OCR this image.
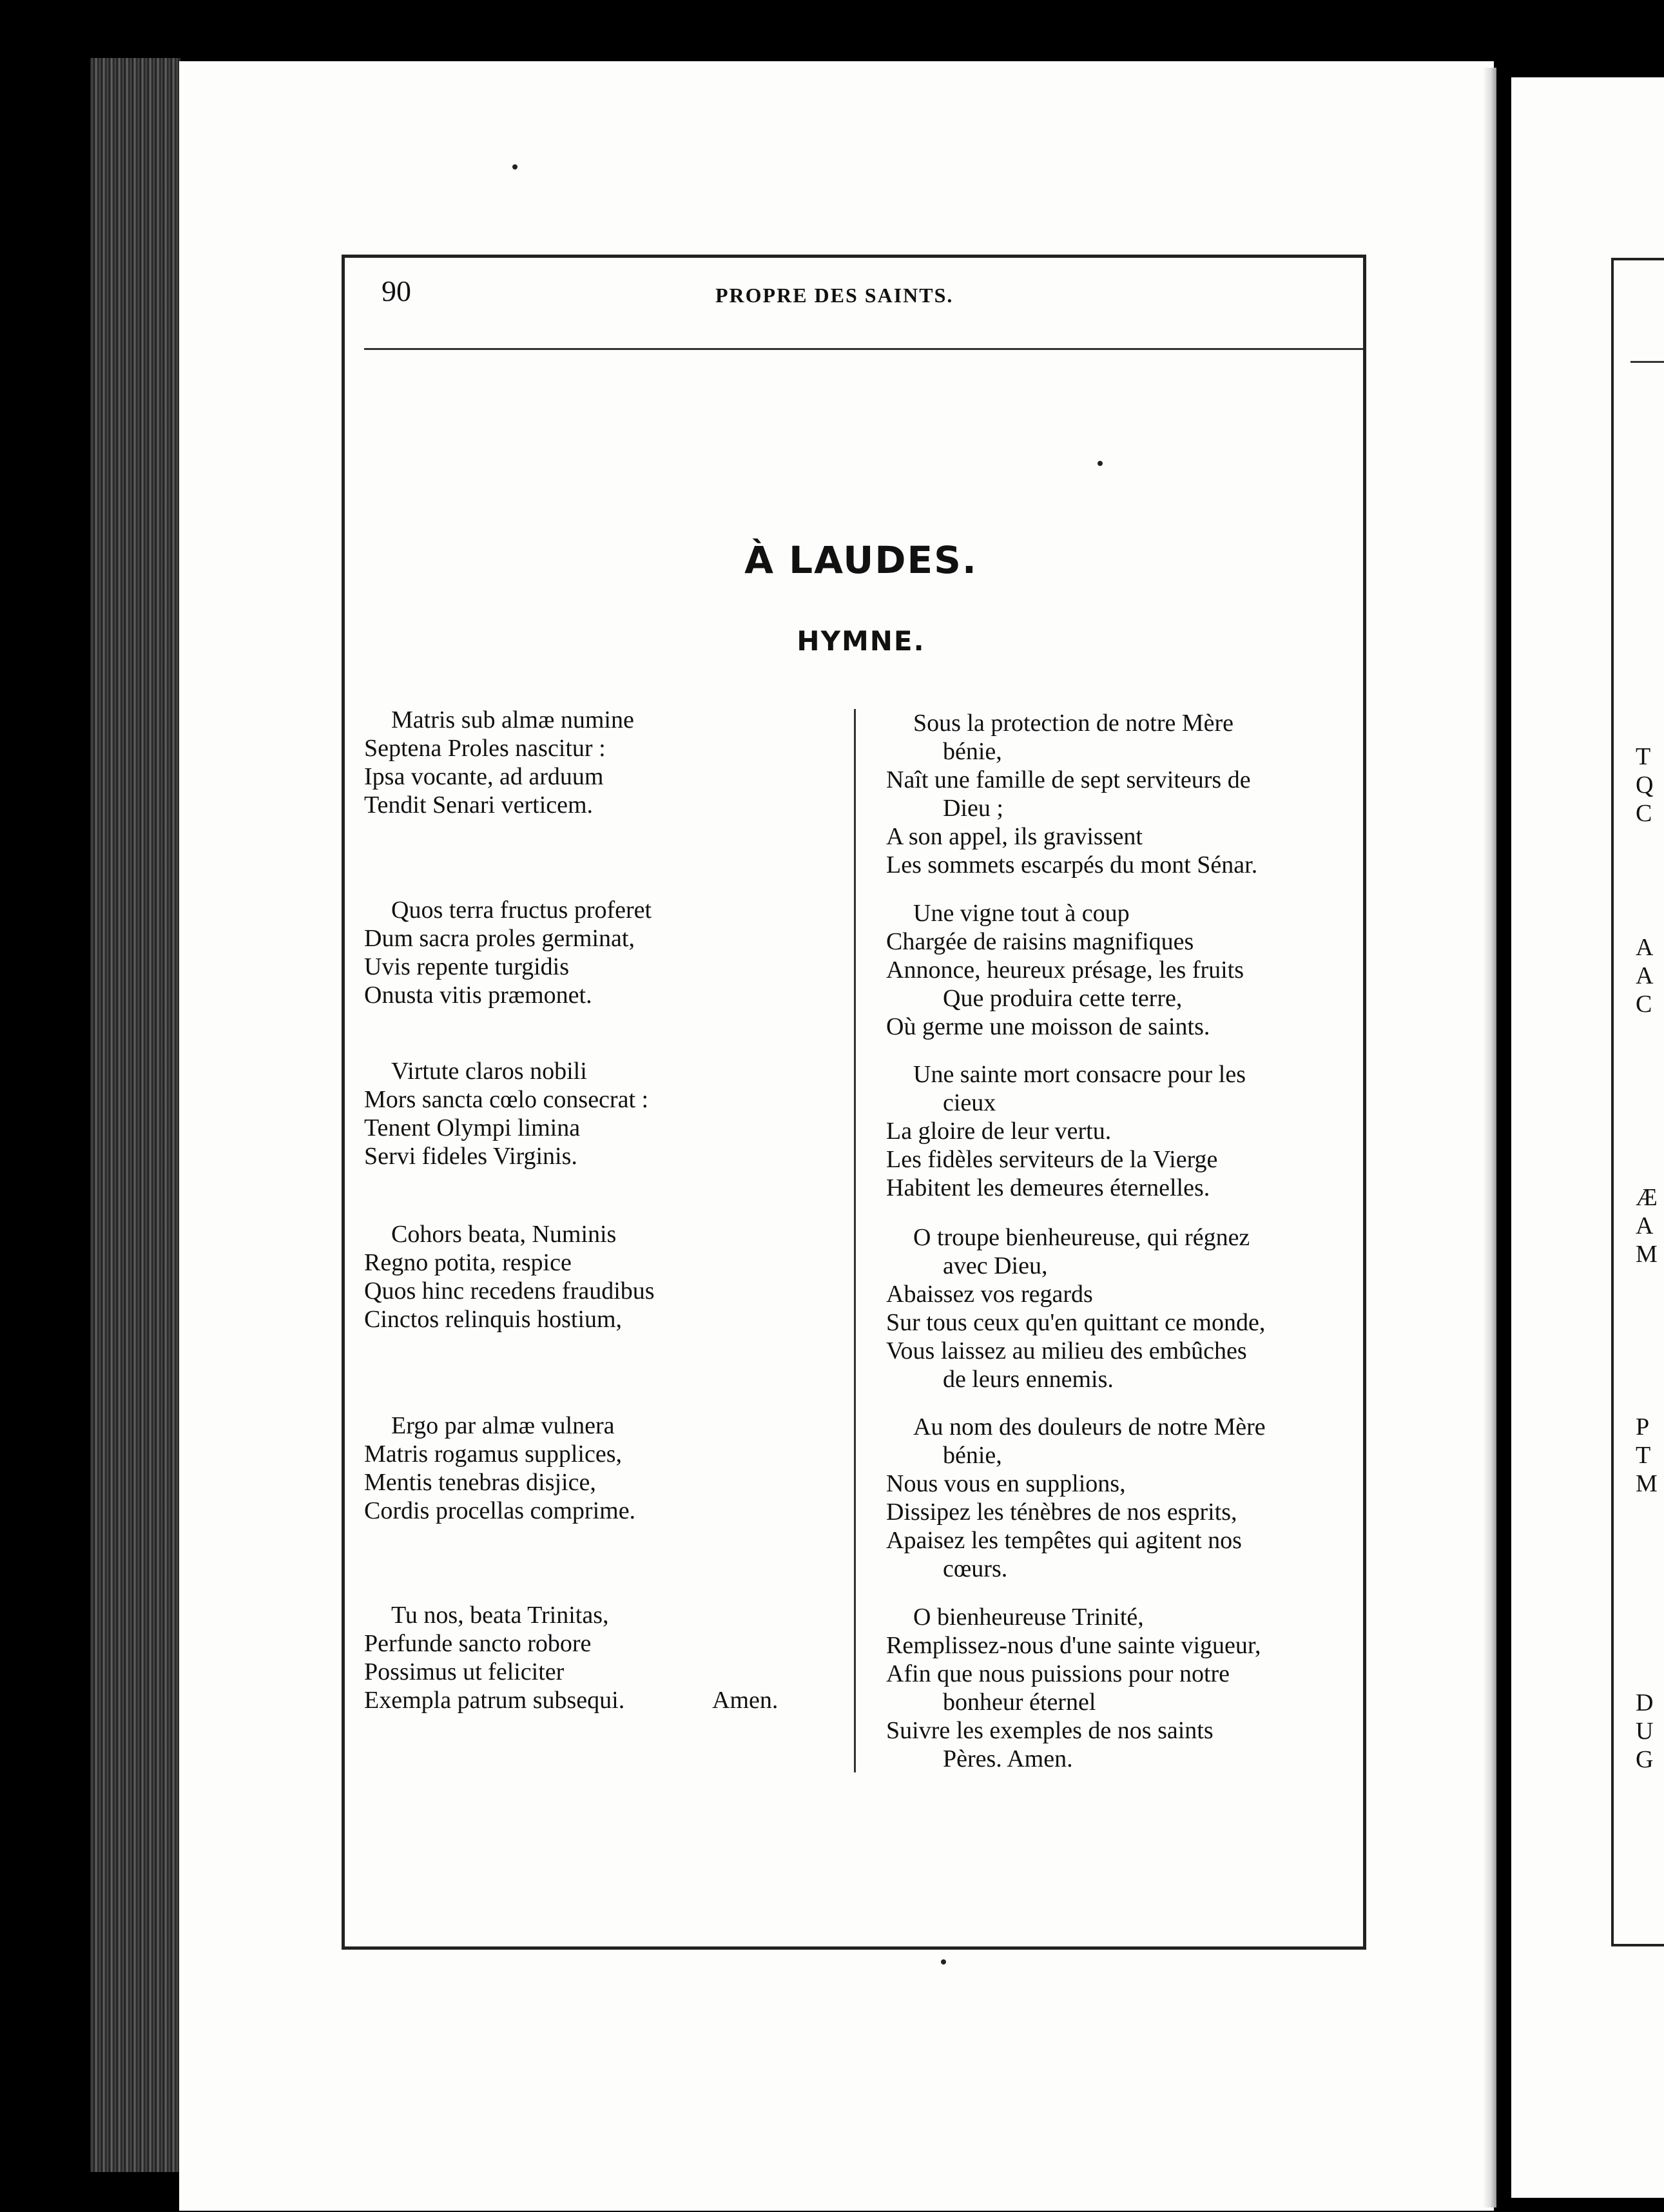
90	PROPRE DES SAINTS.
À LAUDES.
HYMNE.
Matris sub almæ numine
Septena Proles nascitur :
Ipsa vocante, ad arduum
Tendit Senari verticem.
Quos terra fructus proferet
Dum sacra proles germinat,
Uvis repente turgidis
Onusta vitis præmonet.
Virtute claros nobili
Mors sancta cœlo consecrat :
Tenent Olympi limina
Servi fideles Virginis.
Cohors beata, Numinis
Regno potita, respice
Quos hinc recedens fraudibus
Cinctos relinquis hostium,
Ergo par almæ vulnera
Matris rogamus supplices,
Mentis tenebras disjice,
Cordis procellas comprime.
Tu nos, beata Trinitas,
Perfunde sancto robore
Possimus ut feliciter
Exempla patrum subsequi.	Amen.
Sous la protection de notre Mère
bénie,
Naît une famille de sept serviteurs de
Dieu ;
A son appel, ils gravissent
Les sommets escarpés du mont Sénar.
Une vigne tout à coup
Chargée de raisins magnifiques
Annonce, heureux présage, les fruits
Que produira cette terre,
Où germe une moisson de saints.
Une sainte mort consacre pour les
cieux
La gloire de leur vertu.
Les fidèles serviteurs de la Vierge
Habitent les demeures éternelles.
O troupe bienheureuse, qui régnez
avec Dieu,
Abaissez vos regards
Sur tous ceux qu'en quittant ce monde,
Vous laissez au milieu des embûches
de leurs ennemis.
Au nom des douleurs de notre Mère
bénie,
Nous vous en supplions,
Dissipez les ténèbres de nos esprits,
Apaisez les tempêtes qui agitent nos
cœurs.
O bienheureuse Trinité,
Remplissez-nous d'une sainte vigueur,
Afin que nous puissions pour notre
bonheur éternel
Suivre les exemples de nos saints
Pères. Amen.
T
Q
C
A
A
C
Æ
A
M
P
T
M
D
U
G
